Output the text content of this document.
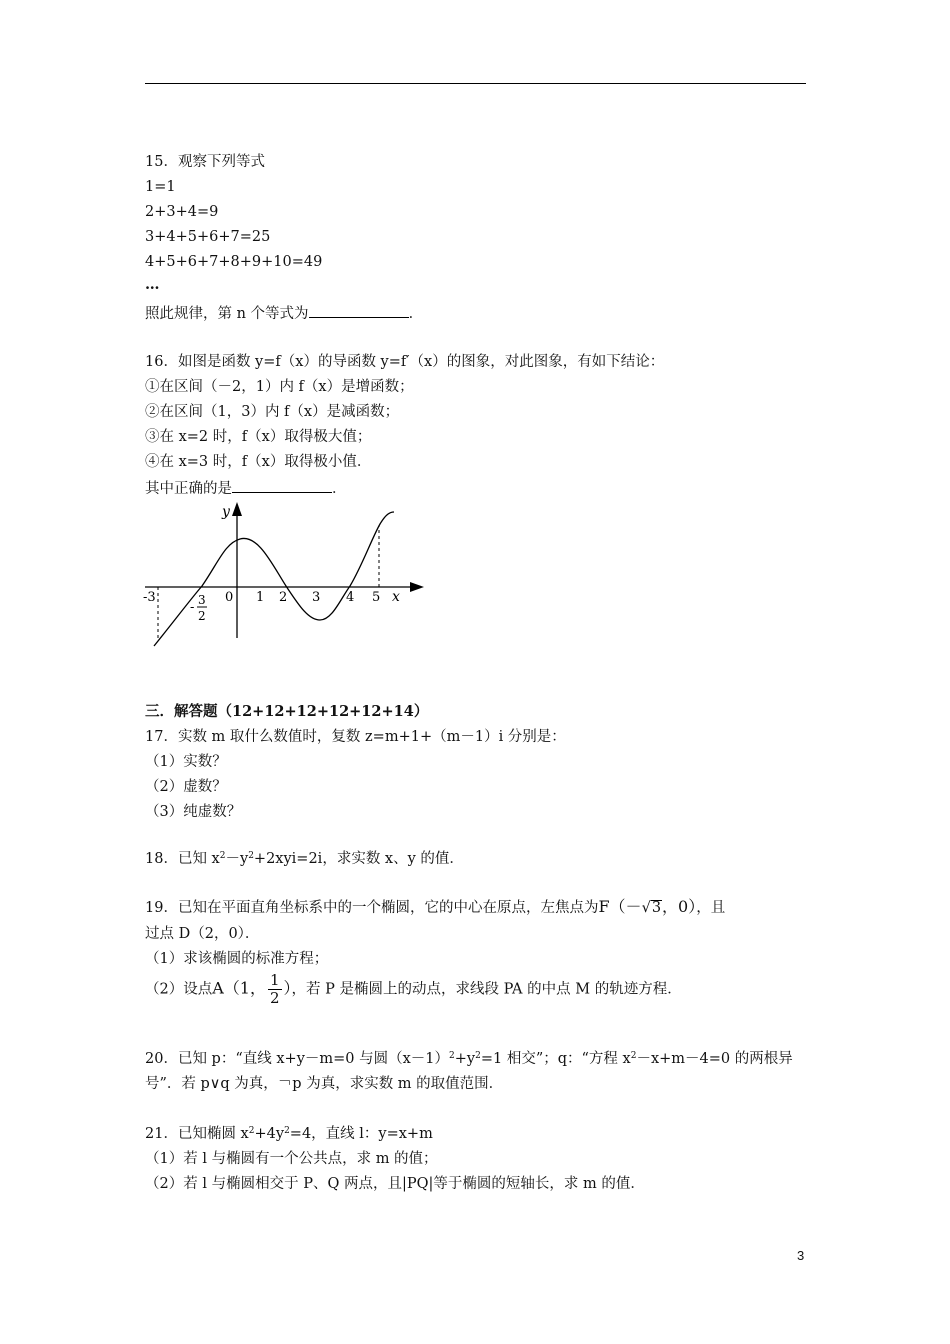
15．观察下列等式
1=1
2+3+4=9
3+4+5+6+7=25
4+5+6+7+8+9+10=49
…
照此规律，第 n 个等式为	．
16．如图是函数 y=f（x）的导函数 y=f′（x）的图象，对此图象，有如下结论：
①在区间（－2，1）内 f（x）是增函数；
②在区间（1，3）内 f（x）是减函数；
③在 x=2 时，f（x）取得极大值；
④在 x=3 时，f（x）取得极小值．
其中正确的是	．
y
x
-3	0 1 2 3 4 5
- 3
2
三．解答题（12+12+12+12+12+14）
17．实数 m 取什么数值时，复数 z=m+1+（m－1）i 分别是：
（1）实数？
（2）虚数？
（3）纯虚数？
18．已知 $x^2-y^2+2xyi=2i$，求实数 x、y 的值．
19．已知在平面直角坐标系中的一个椭圆，它的中心在原点，左焦点为F（－√3，0），且
过点 D（2，0）．
（1）求该椭圆的标准方程；
（2）设点A（1， $\frac{1}{2}$ ），若 P 是椭圆上的动点，求线段 PA 的中点 M 的轨迹方程．
20．已知 p：“直线 x+y－m=0 与圆$(x-1)^2+y^2=1$ 相交”；q：“方程 $x^2-x+m-4=0$ 的两根异
号”．若 p∨q 为真，￢p 为真，求实数 m 的取值范围．
21．已知椭圆 $x^2+4y^2=4$，直线 l：y=x+m
（1）若 l 与椭圆有一个公共点，求 m 的值；
（2）若 l 与椭圆相交于 P、Q 两点，且|PQ|等于椭圆的短轴长，求 m 的值．
3
